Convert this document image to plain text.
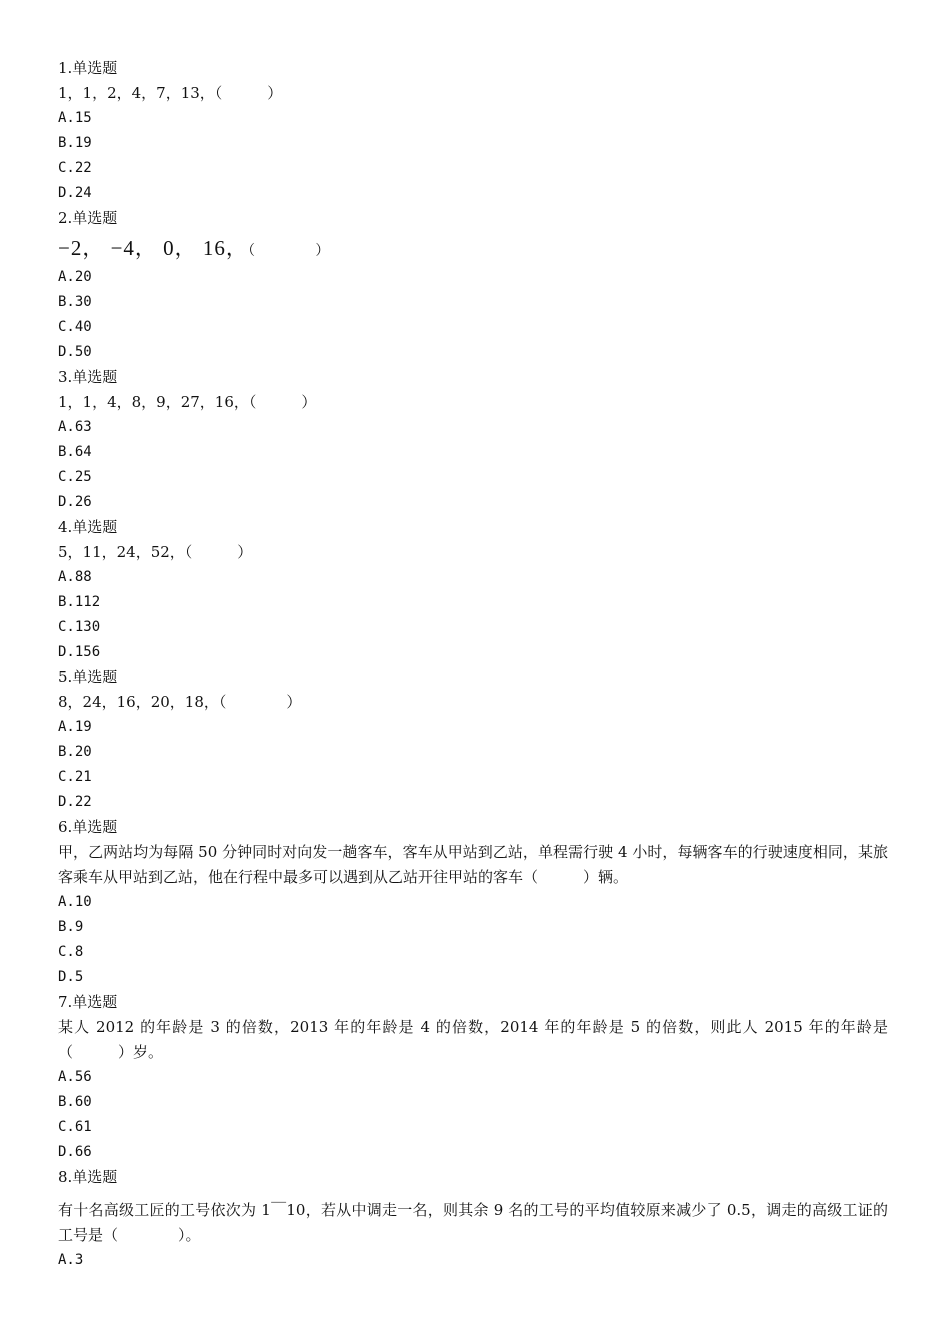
1.单选题
1，1，2，4，7，13，（　　　）
A.15
B.19
C.22
D.24
2.单选题
−2， −4， 0， 16，（　　　　 ）
A.20
B.30
C.40
D.50
3.单选题
1，1，4，8，9，27，16，（　　　）
A.63
B.64
C.25
D.26
4.单选题
5，11，24，52，（　　　）
A.88
B.112
C.130
D.156
5.单选题
8，24，16，20，18，（　　　　）
A.19
B.20
C.21
D.22
6.单选题
甲，乙两站均为每隔 50 分钟同时对向发一趟客车，客车从甲站到乙站，单程需行驶 4 小时，每辆客车的行驶速度相同，某旅客乘车从甲站到乙站，他在行程中最多可以遇到从乙站开往甲站的客车（　　　）辆。
A.10
B.9
C.8
D.5
7.单选题
某人 2012 的年龄是 3 的倍数，2013 年的年龄是 4 的倍数，2014 年的年龄是 5 的倍数，则此人 2015 年的年龄是（　　　）岁。
A.56
B.60
C.61
D.66
8.单选题
有十名高级工匠的工号依次为 1￣10，若从中调走一名，则其余 9 名的工号的平均值较原来减少了 0.5，调走的高级工证的工号是（　　　　）。
A.3
